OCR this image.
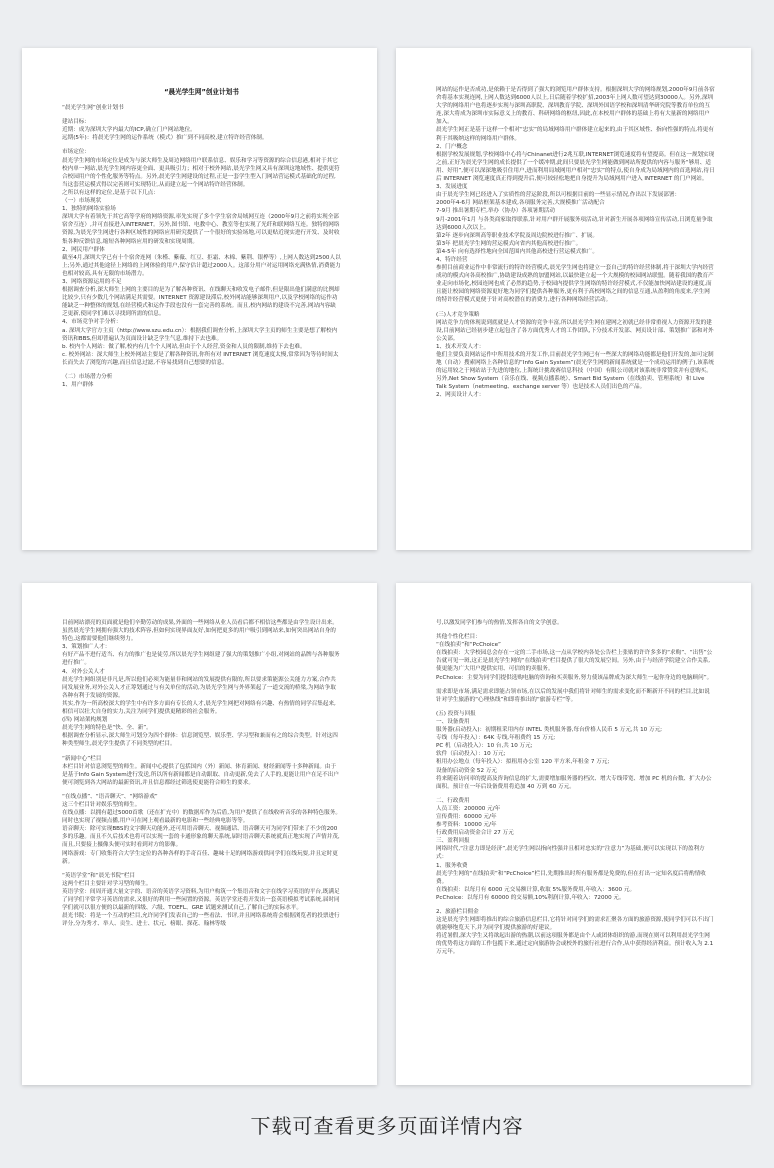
“晨光学生网”创业计划书
“晨光学生网”创业计划书
建站目标：
近期：成为深圳大学内最大的ICP,确立门户网站地位。
远期(5年)：将晨光学生网的运作系统（模式）推广到不同高校,建立特许经营体制。
市场定位：
晨光学生网的市场定位是成为与深大师生及周边网络用户联系信息、娱乐和学习等资源的综合信息港,相对于其它校内单一网站,晨光学生网内容更全面、更具吸引力；相对于校外网站,晨光学生网又具有深圳这地域性、提供更符合校园用户的个性化服务等特点。另外,晨光学生网建设的过程,正是一套学生型入门网站营运模式基础化的过程,当这套营运模式得以完善则可实现特让,从而建立起一个网站特许经营体制。
之所以有这样的定位,是基于以下几点：
（一）市场现状
1、独特的网络实验场
深圳大学有着领先于其它高等学府的网络资源,率先实现了多个学生宿舍局域网互连（2000年9月之前将实现全部宿舍互连）,并可直接进入INTERNET。另外,图书馆、电教中心、教室等也实现了光纤和联网络互连。独特的网络资源,为晨光学生网进行各种区域性的网络应用研究提供了一个很好的实验场地,可以更贴近现实进行开发、及时收集各种反馈信息,缩短各种网络应用的研发和实现周期。
2、网民用户群体
截至4月,深圳大学已有十个宿舍连网（朱槿、紫薇、红豆、拒霜、木棉、紫荆、银桦等）,上网人数达到2500人以上;另外,通过其他途径上网络的上网体验的用户,保守估计超过2000人。这部分用户对运用网络充满热情,消费能力也相对较高,具有无限的市场潜力。
3、网络资源运用的不足
根据调查分析,深大师生上网的主要目的是为了解各种资讯、在线聊天和收发电子邮件,但是限出他们满意的比例却比较少,只有少数几个网站满足其需要。INTERNET 资源建设滞后,校外网站能够深圳用户,以及学校网络的运作功能缺乏一种整体的规划,在经营模式和运作手段也没有一套完善的系统。而且,校内网站的建设不完善,网站内容缺乏更新,使同学们难以寻找到所需的信息。
4、市场竞争对手分析：
a. 深圳大学官方主页（http://www.szu.edu.cn）：根据我们调查分析,上深圳大学主页的师生主要是想了解校内资讯和BBS,但却普遍认为页面设计缺乏学生气息,维持下去也难。
b. 校内个人网站：做了解,校内有几个个人网站,但由于个人经营,资金和人员的限制,维持下去也难。
c. 校外网站：深大师生上校外网站主要是了解各种资讯,你所有对 INTERNET 浏览速度太慢,常常因为等待时间太长而失去了浏览的兴趣,而且信息过滤,不容易找到自己想要的信息。
（二）市场潜力分析
1、用户群体
网站的运作是否成功,是依赖于是否得到了强大的浏览用户群体支持。根据深圳大学的网络规划,2000年9月前各宿舍将基本实现连网,上网人数达到6000人以上,日后随着学校扩招,2003年上网人数可望达到30000人。另外,深圳大学的网络用户也将逐步实现与深圳高职院、深圳教育学院、深圳外国语学校和深圳清华研究院等教育单位的互连,深大将成为深圳市实际意义上的教育、科研网络的枢纽,因此,在本校用户群体的基础上将有大量新的网络用户加入。
晨光学生网正是基于这样一个相对“忠实”的局域网络用户群体建立起来的,由于其区域性、指向性强的特点,将更有利于其吸纳这样的网络用户群体。
2、门户概念
根据学校发展规划,学校网络中心将与Chinanet进行2兆互联,INTERNET浏览速度将有望提高。但在这一规划实现之前,正好为晨光学生网的成长提供了一个缓冲期,此间只要晨光学生网能做到网站所提供的内容与服务“够用、适用、好用”,便可以深深地吸引住用户,进而利用局域网用户相对“忠实”的特点,使自身成为局域网内的首选网站,待日后 INTERNET 浏览速度真正得到提升后,便可较轻松地把自身提升为局域网用户进入 INTERNET 的门户网站。
3、发展进度
由于晨光学生网已经进入了实质性的营运阶段,所以可根据目前的一些显示情况,作出以下发展部署：
2000年4-6月 网站框架基本建成,各项服务完善,大规模推广活动配合
7-9月 推出暑期专栏,举办（协办）各项暑期活动
9月-2001年1月 与各类商家取得联系,针对用户群开展服务项活动,针对新生开展各项网络宣传活动,日浏览量争取达到6000人次以上。
第2年 逐步向深圳高等职业技术学院及周边院校进行推广、扩展。
第3年 把晨光学生网的营运模式向省内其他高校进行推广。
第4-5年 向有选择性地向全国范围内其他高校进行营运模式推广。
4、特许经营
参照目前商业运作中非常流行的特许经营模式,晨光学生网也将建立一套自己的特许经营体制,将于深圳大学内经营成功的模式向各高校推广,协助建设成熟的加盟网站,以最快建立起一个大规模的校园网站联盟。随着我国的教育产业走向市场化,校园连网也成了必然的趋势,于校园内提供学生网络的特许经营模式,不仅能加快网站建设的速度,而且能让校园的网络资源更好地为同学们提供各种服务,更有利于高校网络之间的信息互通,从盈利的角度来,学生网的特许经营模式更便于针对高校潜在的消费力,进行各种网络经营活动。
(三)人才竞争策略
网站竞争力的体现说到底就是人才资源的竞争丰富,所以晨光学生网在建网之初就已经非常重视人力资源开发的建设,目前网站已经初步建立起包含了各方面优秀人才的工作团队,下分技术开发部、网页设计部、策划推广部和对外公关部。
1、技术开发人才：
他们主要负责网站运作中所用技术的开发工作,目前晨光学生网已有一些深大的网络功能都是他们开发的,如可定制地（自动）搜索网络上各种信息的“Info Gain System”(晨光学生网的新闻系统就是一个成功运用的例子),该系统的运用较之于网站站于先进的地位,上海统计挑战赛信息科技（中国）有限公司就对该系统非常赞赏并有意购买。另外,Net Show System（音乐在线、视频点播系统）、Smart Bid System（在线拍卖、管理系统）和 Live Talk System（netmeeting、exchange server 等）也是技术人员们出色的产品。
2、网页设计人才：
目前网站漂亮的页面就是他们辛勤劳动的成果,外面的一些网络从业人员看后都不相信这些都是由学生设计出来。虽然晨光学生网拥有强大的技术阵容,但如何实现界面友好,如何把更多的用户吸引到网站来,如何突出网站自身的特色,这都需要他们继续努力。
3、策划推广人才：
有好产品不进行适当、有力的推广也是徒劳,所以晨光学生网组建了强大的策划推广小组,对网站的品牌与各种服务进行推广。
4、对外公关人才
晨光学生网组别是非凡是,所以他们必须为能量非和网站的发展提供有限的,所以要求策能源公关能力方案,合作共同发展业务,对外公关人才正筹划通过与有关单位的活动,为晨光学生网与外界架起了一道交流的桥梁,为网站争取各种有利于发展的资源。
其实,作为一所高校深大的学生中有许多方面有专长的人才,晨光学生网把对网络有兴趣、有热情的同学召集起来,相信可以壮大自身的实力,关注为同学们提供更精彩的社会服务。
(四) 网站架构规划
晨光学生网的特色是“快、全、新”。
根据调查分析显示,深大师生可划分为四个群体：信息浏览型、娱乐型、学习型和兼而有之的综合类型。针对这四种类型师生,晨光学生提供了不同类型的栏目。
“新闻中心”栏目
本栏目针对信息浏览型的师生。新闻中心提供了包括国内（外）新闻、体育新闻、财经新闻等十多种新闻。由于是基于Info Gain System进行发送,所以所有新闻都是自动跟取、自动更新,免去了人手的,更能让用户在足不出户便可浏览到各大网站的最新资讯,并且信息都经过筛选使更能符合师生的要求。
“在线点播”、“语音聊天”、“网络游戏”
这三个栏目针对娱乐型的师生。
在线点播：以拥有超过5000首歌（还在扩充中）的数据库作为后盾,为用户提供了在线收听音乐的各种特色服务。同时也实现了视频点播,用户可在网上观看最新的电影和一些经典电影等等。
语音聊天：除可实现BBS的文字聊天功能外,还可用语音聊天、视频通话、语音聊天可为同学们带来了不少的200多的乐趣。而且不久后技术也将可以实现一套的卡通形象的聊天系统,届时语音聊天系统就真正地实现了声情并茂,而且,只要接上摄像头便可实时看到对方的影像。
网络游戏：专门收集符合大学生定位的各种各样的手奇百佳、趣味十足的网络游戏供同学们在线玩耍,并且定时更新。
“英语学堂”和“晨光书院”栏目
这两个栏目主要针对学习型的师生。
英语学堂：间周开通大量文字的、语音的英语学习资料,为用户构筑一个集语音和文字在线学习英语的平台,既满足了同学们平常学习英语的需求,又很好的利用一些闲置的资源。英语学堂还将开发出一套英语模拟考试系统,届时同学们就可以很方便的以最新的四级、六级、TOEFL、GRE 试题来测试自己,了解自己的实际水平。
晨光书院：将是一个互动的栏目,允许同学们发表自己的一些看法、书评,并且网络系统将会根据浏览者的投票进行评分,分为秀才、举人、贡生、进士、状元、榜眼、探花、翰林等级
号,以激发同学们参与的热情,发挥各自的文学创意。
其他个性化栏目：
“在线拍卖”和“PcChoice”
在线拍卖：大学校园总会存在一定的二手市场,这一点从学校内各处公告栏上张贴的许许多多的“求购”、“出售”公告就可见一斑,这正是晨光学生网的“在线拍卖”栏目提供了很大的发展空间。另外,由于与经济学院建立合作关系,使更能为广大用户提供实用、可信的的卖服务。
PcChoice：主要为同学们提供选购电脑的咨询和买卖服务,努力使该品牌成为深大师生一起你身边的电脑顾问”。
需求即是市场,满足需求即能占领市场,在以后的发展中我们将针对师生的需求变化而不断新开不同的栏目,比如说针对学生旅游的“心理热线”和即将推出的“旅游专栏”等。
(五) 投资与回报
一、设备费用
服务器(启动投入)：初期租采用内存 INTEL 类机服务器,每台价格人民币 5 万元,共 10 万元;
专线（每年投入）：64K 专线,年租费约 15 万元;
PC 机（启动投入）：10 台,共 10 万元;
软件（启动投入）：10 万元;
租用办公地点（每年投入）：拟租用办公室 120 平方米,年租金 7 万元;
设备的启动资金 52 万元
将来随着访问率的提高及咨询信息的扩大,需要增加服务器的档次、增大专线带宽、增加 PC 机的台数、扩大办公面积。预计在一年后设备费用将追加 40 万到 60 万元。
二、行政费用
人员工资：200000 元/年
宣传费用：60000 元/年
参考资料：10000 元/年
行政费用启动资金合计 27 万元
三、盈利回报
网络时代,“注意力即是经济”,晨光学生网以指向性强并且相对忠实的“注意力”为基础,便可以实现以下的盈利方式：
1、服务收费
晨光学生网的“在线拍卖”和“PcChoice”栏目,先期推出时所有服务都是免费的,但在打出一定知名度后将酌情收费。
在线拍卖：以每月有 6000 元交易额计算,收取 5%服务费用,年收入：3600 元。
PcChoice：以每月有 60000 的交易额,10%利润计算,年收入：72000 元。
2、旅游栏目佣金
这是晨光学生网即将推出的综合旅游信息栏目,它将针对同学们的需求汇聚各方面的旅游资源,使同学们可以不出门就能够饱览天下,并为同学们提供旅游的好建议。
将近暑假,深大学生又将欲起出游的热潮,以前这项服务都是由个人或团体组织的游,而现在则可以利用晨光学生网的优势将这方面的工作包揽下来,通过定向旅游协会或校外的旅行社进行合作,从中获得经济利益。预计收入为 2.1 万元年。
下载可查看更多页面详情内容
